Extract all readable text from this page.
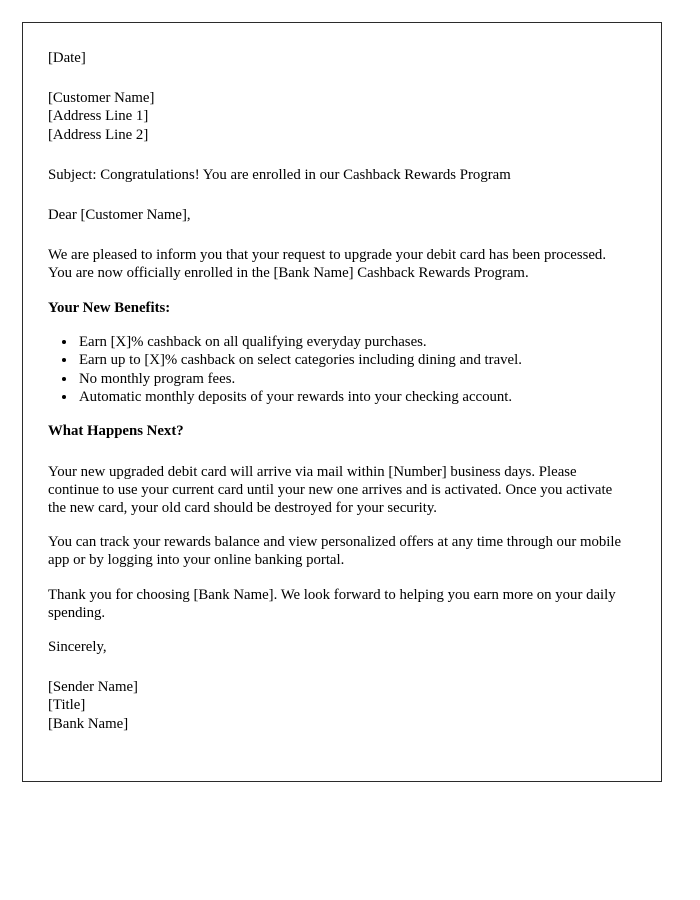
[Date]
[Customer Name]
[Address Line 1]
[Address Line 2]
Subject: Congratulations! You are enrolled in our Cashback Rewards Program
Dear [Customer Name],
We are pleased to inform you that your request to upgrade your debit card has been processed. You are now officially enrolled in the [Bank Name] Cashback Rewards Program.
Your New Benefits:
• Earn [X]% cashback on all qualifying everyday purchases.
• Earn up to [X]% cashback on select categories including dining and travel.
• No monthly program fees.
• Automatic monthly deposits of your rewards into your checking account.
What Happens Next?
Your new upgraded debit card will arrive via mail within [Number] business days. Please continue to use your current card until your new one arrives and is activated. Once you activate the new card, your old card should be destroyed for your security.
You can track your rewards balance and view personalized offers at any time through our mobile app or by logging into your online banking portal.
Thank you for choosing [Bank Name]. We look forward to helping you earn more on your daily spending.
Sincerely,
[Sender Name]
[Title]
[Bank Name]
